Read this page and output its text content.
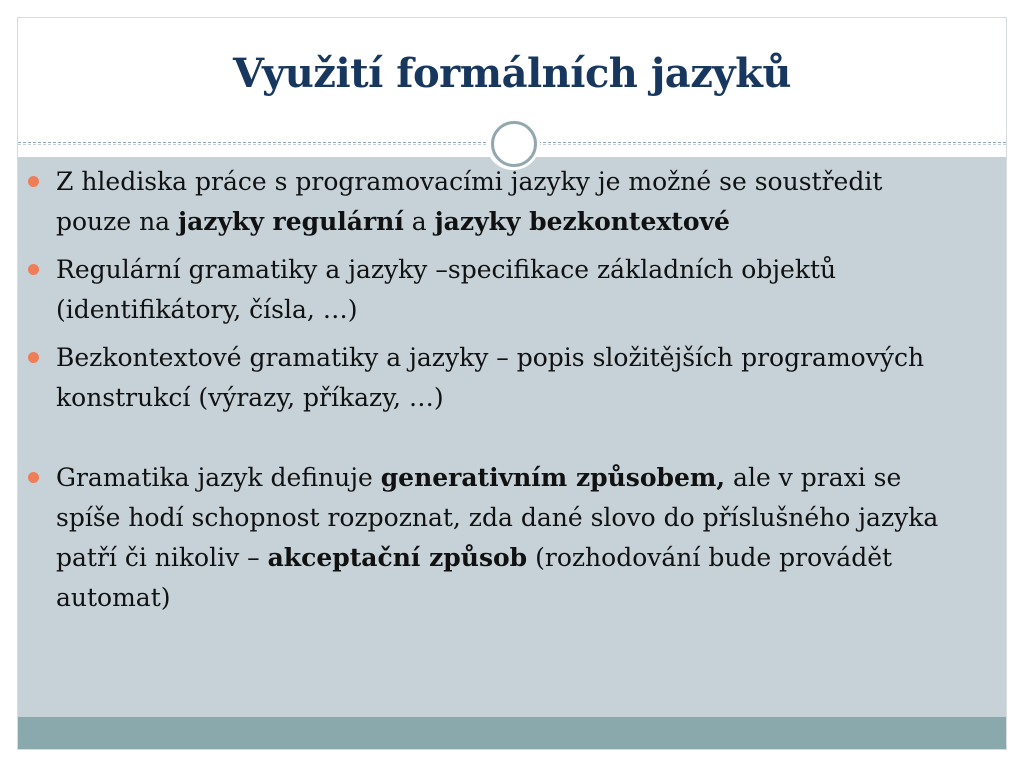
Využití formálních jazyků
Z hlediska práce s programovacími jazyky je možné se soustředit pouze na jazyky regulární a jazyky bezkontextové
Regulární gramatiky a jazyky –specifikace základních objektů (identifikátory, čísla, …)
Bezkontextové gramatiky a jazyky – popis složitějších programových konstrukcí (výrazy, příkazy, …)
Gramatika jazyk definuje generativním způsobem, ale v praxi se spíše hodí schopnost rozpoznat, zda dané slovo do příslušného jazyka patří či nikoliv – akceptační způsob (rozhodování bude provádět automat)
